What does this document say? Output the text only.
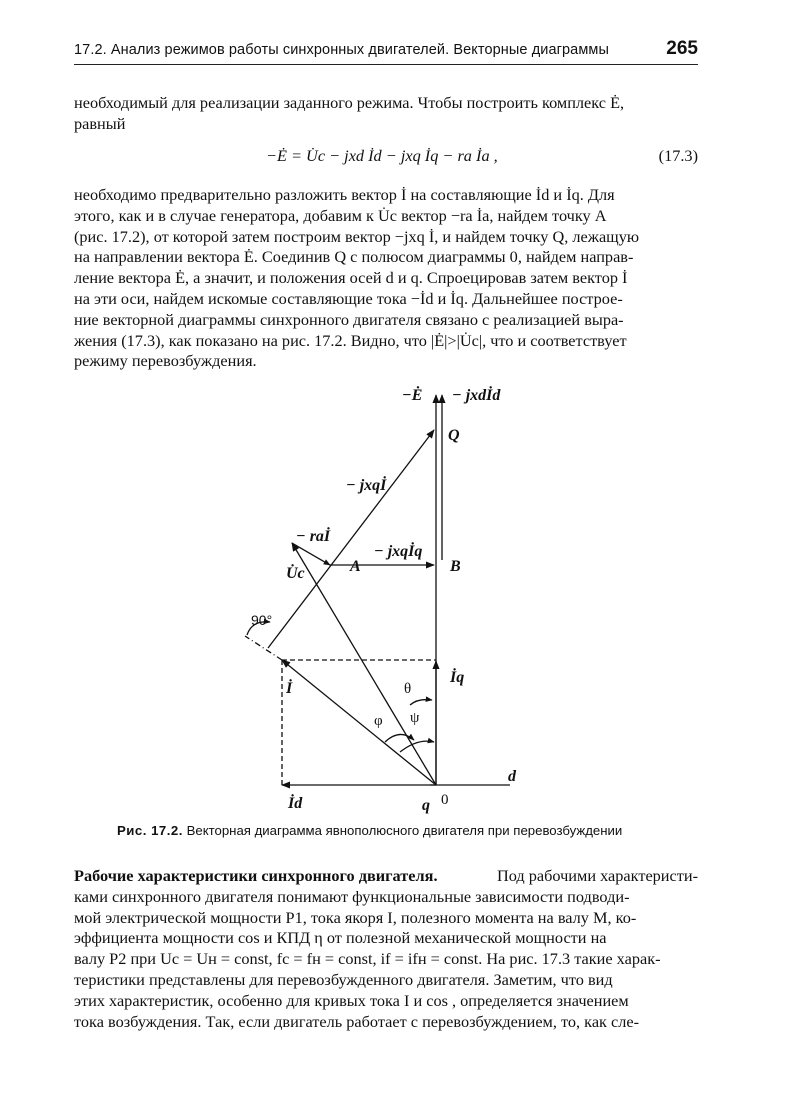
17.2. Анализ режимов работы синхронных двигателей. Векторные диаграммы	265
необходимый для реализации заданного режима. Чтобы построить комплекс Ė,
равный
−Ė = U̇c − jxd İd − jxq İq − ra İa ,	(17.3)
необходимо предварительно разложить вектор İ на составляющие İd и İq. Для
этого, как и в случае генератора, добавим к U̇c вектор −ra İa, найдем точку A
(рис. 17.2), от которой затем построим вектор −jxq İ, и найдем точку Q, лежащую
на направлении вектора Ė. Соединив Q с полюсом диаграммы 0, найдем направ-
ление вектора Ė, а значит, и положения осей d и q. Спроецировав затем вектор İ
на эти оси, найдем искомые составляющие тока −İd и İq. Дальнейшее построе-
ние векторной диаграммы синхронного двигателя связано с реализацией выра-
жения (17.3), как показано на рис. 17.2. Видно, что |Ė|>|U̇c|, что и соответствует
режиму перевозбуждения.
−Ė − jxdİd
Q
− jxqİ
− raİ
− jxqİq
A	B
U̇c
90°
İ
İq
θ
φ ψ
d
İd	q 0
Рис. 17.2. Векторная диаграмма явнополюсного двигателя при перевозбуждении
Рабочие характеристики синхронного двигателя.	Под рабочими характеристи-
ками синхронного двигателя понимают функциональные зависимости подводи-
мой электрической мощности P1, тока якоря I, полезного момента на валу M, ко-
эффициента мощности cos и КПД η от полезной механической мощности на
валу P2 при Uc = Uн = const, fc = fн = const, if = ifн = const. На рис. 17.3 такие харак-
теристики представлены для перевозбужденного двигателя. Заметим, что вид
этих характеристик, особенно для кривых тока I и cos , определяется значением
тока возбуждения. Так, если двигатель работает с перевозбуждением, то, как сле-
